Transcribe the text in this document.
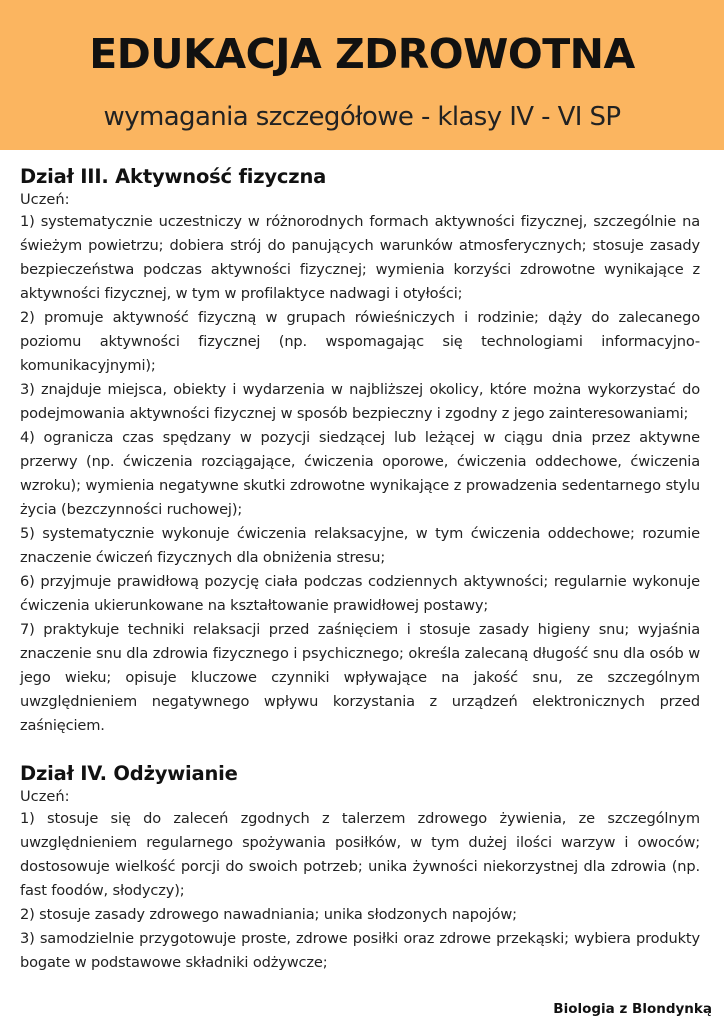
EDUKACJA ZDROWOTNA
wymagania szczegółowe - klasy IV - VI SP
Dział III. Aktywność fizyczna
Uczeń:

1) systematycznie uczestniczy w różnorodnych formach aktywności fizycznej, szczególnie na świeżym powietrzu; dobiera strój do panujących warunków atmosferycznych; stosuje zasady bezpieczeństwa podczas aktywności fizycznej; wymienia korzyści zdrowotne wynikające z aktywności fizycznej, w tym w profilaktyce nadwagi i otyłości;

2) promuje aktywność fizyczną w grupach rówieśniczych i rodzinie; dąży do zalecanego poziomu aktywności fizycznej (np. wspomagając się technologiami informacyjno-komunikacyjnymi);

3) znajduje miejsca, obiekty i wydarzenia w najbliższej okolicy, które można wykorzystać do podejmowania aktywności fizycznej w sposób bezpieczny i zgodny z jego zainteresowaniami;

4) ogranicza czas spędzany w pozycji siedzącej lub leżącej w ciągu dnia przez aktywne przerwy (np. ćwiczenia rozciągające, ćwiczenia oporowe, ćwiczenia oddechowe, ćwiczenia wzroku); wymienia negatywne skutki zdrowotne wynikające z prowadzenia sedentarnego stylu życia (bezczynności ruchowej);

5) systematycznie wykonuje ćwiczenia relaksacyjne, w tym ćwiczenia oddechowe; rozumie znaczenie ćwiczeń fizycznych dla obniżenia stresu;

6) przyjmuje prawidłową pozycję ciała podczas codziennych aktywności; regularnie wykonuje ćwiczenia ukierunkowane na kształtowanie prawidłowej postawy;

7) praktykuje techniki relaksacji przed zaśnięciem i stosuje zasady higieny snu; wyjaśnia znaczenie snu dla zdrowia fizycznego i psychicznego; określa zalecaną długość snu dla osób w jego wieku; opisuje kluczowe czynniki wpływające na jakość snu, ze szczególnym uwzględnieniem negatywnego wpływu korzystania z urządzeń elektronicznych przed zaśnięciem.

Dział IV. Odżywianie
Uczeń:

1) stosuje się do zaleceń zgodnych z talerzem zdrowego żywienia, ze szczególnym uwzględnieniem regularnego spożywania posiłków, w tym dużej ilości warzyw i owoców; dostosowuje wielkość porcji do swoich potrzeb; unika żywności niekorzystnej dla zdrowia (np. fast foodów, słodyczy);

2) stosuje zasady zdrowego nawadniania; unika słodzonych napojów;

3) samodzielnie przygotowuje proste, zdrowe posiłki oraz zdrowe przekąski; wybiera produkty bogate w podstawowe składniki odżywcze;

Biologia z Blondynką
